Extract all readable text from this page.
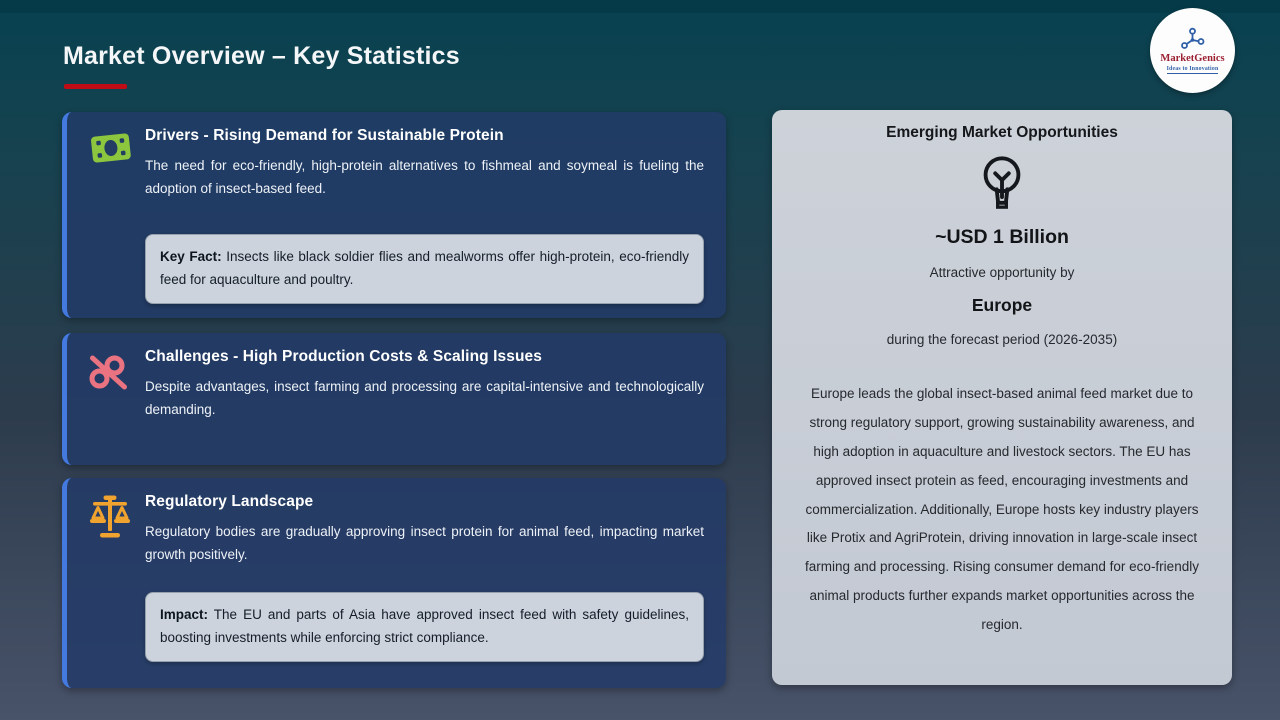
Market Overview – Key Statistics	MarketGenics
Ideas to Innovation
Drivers - Rising Demand for Sustainable Protein

The need for eco-friendly, high-protein alternatives to fishmeal and soymeal is fueling the adoption of insect-based feed.

Key Fact: Insects like black soldier flies and mealworms offer high-protein, eco-friendly feed for aquaculture and poultry.
Challenges - High Production Costs & Scaling Issues

Despite advantages, insect farming and processing are capital-intensive and technologically demanding.

Regulatory Landscape

Regulatory bodies are gradually approving insect protein for animal feed, impacting market growth positively.

Impact: The EU and parts of Asia have approved insect feed with safety guidelines, boosting investments while enforcing strict compliance.
Emerging Market Opportunities
~USD 1 Billion
Attractive opportunity by
Europe
during the forecast period (2026-2035)

Europe leads the global insect-based animal feed market due to strong regulatory support, growing sustainability awareness, and high adoption in aquaculture and livestock sectors. The EU has approved insect protein as feed, encouraging investments and commercialization. Additionally, Europe hosts key industry players like Protix and AgriProtein, driving innovation in large-scale insect farming and processing. Rising consumer demand for eco-friendly animal products further expands market opportunities across the region.
